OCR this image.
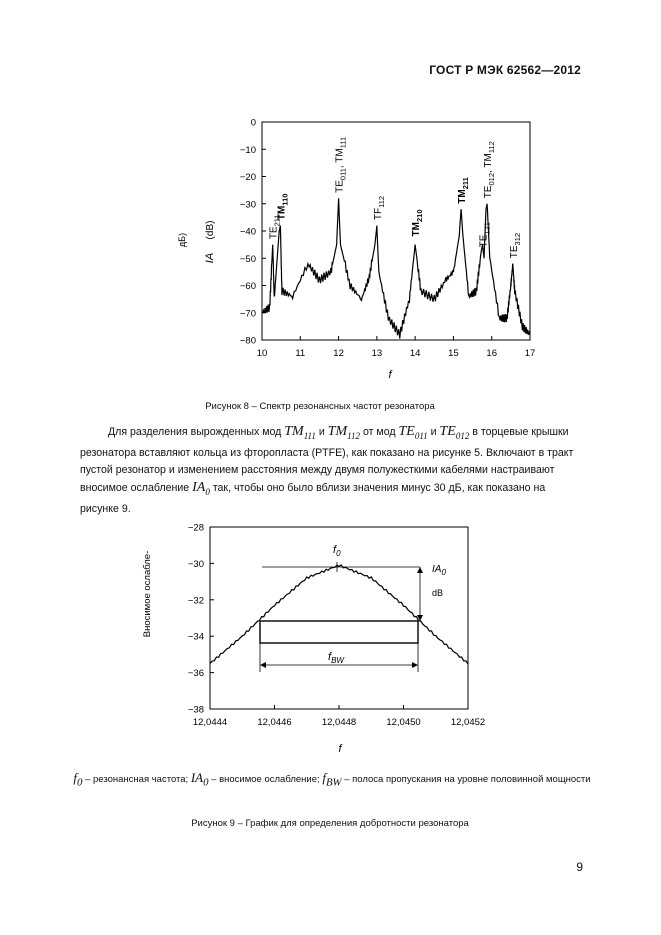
ГОСТ Р МЭК 62562—2012
0
−10
−20
−30
−40
−50
−60
−70
−80
10	11	12	13	14	15	16	17
$TE_{211}$
$TM_{110}$
$TE_{011}$, $TM_{111}$
$TF_{112}$
$TM_{210}$
$TM_{211}$
$TE_{121}$
$TE_{012}$, $TM_{112}$
$TE_{312}$
дБ)
IA
(dB)
f
Рисунок 8 – Спектр резонансных частот резонатора
Для разделения вырожденных мод $TM_{111}$ и $TM_{112}$ от мод $TE_{011}$ и $TE_{012}$ в торцевые крышки резонатора вставляют кольца из фторопласта (PTFE), как показано на рисунке 5. Включают в тракт пустой резонатор и изменением расстояния между двумя полужесткими кабелями настраивают вносимое ослабление $IA_0$ так, чтобы оно было вблизи значения минус 30 дБ, как показано на рисунке 9.
−28
−30
−32
−34
−36
−38
12,0444	12,0446	12,0448	12,0450	12,0452
$f_0$
$f_{BW}$
$IA_0$
dB
Вносимое ослабле-
f
$f_0$ – резонансная частота; $IA_0$ – вносимое ослабление; $f_{BW}$ – полоса пропускания на уровне половинной мощности
Рисунок 9 – График для определения добротности резонатора
9
